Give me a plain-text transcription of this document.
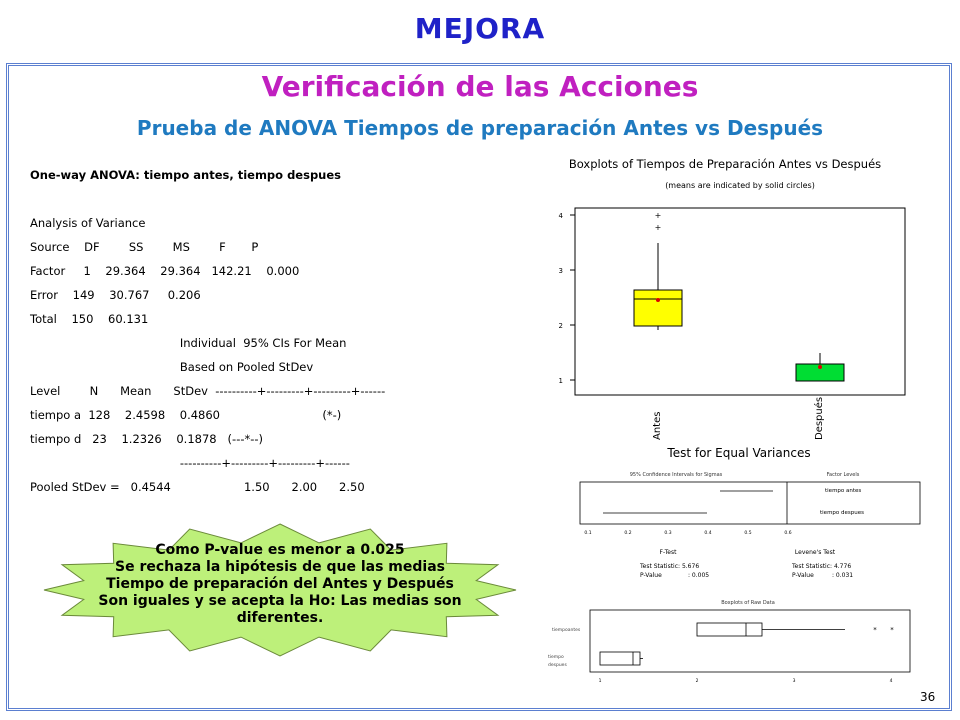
MEJORA
Verificación de las Acciones
Prueba de ANOVA Tiempos de preparación Antes vs Después
One-way ANOVA: tiempo antes, tiempo despues
Analysis of Variance
Source    DF        SS        MS        F       P
Factor     1    29.364    29.364   142.21    0.000
Error    149    30.767     0.206
Total    150    60.131
Individual  95% CIs For Mean
Based on Pooled StDev
Level        N      Mean      StDev  ----------+---------+---------+------
tiempo a  128    2.4598    0.4860                            (*-)
tiempo d   23    1.2326    0.1878   (---*--)
----------+---------+---------+------
Pooled StDev =   0.4544                    1.50      2.00      2.50
Como P-value es menor a 0.025
Se rechaza la hipótesis de que las medias
Tiempo de preparación del Antes y Después
Son iguales y se acepta la Ho: Las medias son
diferentes.
Boxplots of Tiempos de Preparación Antes vs Después
(means are indicated by solid circles)
1
2
3
4	+
+
Antes	Después
Test for Equal Variances
95% Confidence Intervals for Sigmas	Factor Levels
tiempo antes
tiempo despues
0.1	0.2	0.3	0.4	0.5	0.6
F-Test
Test Statistic: 5.676
P-Value	: 0.005
Levene's Test
Test Statistic: 4.776
P-Value	: 0.031
Boxplots of Raw Data
tiempoantes
tiempo
despues
* *
1	2	3	4
36
